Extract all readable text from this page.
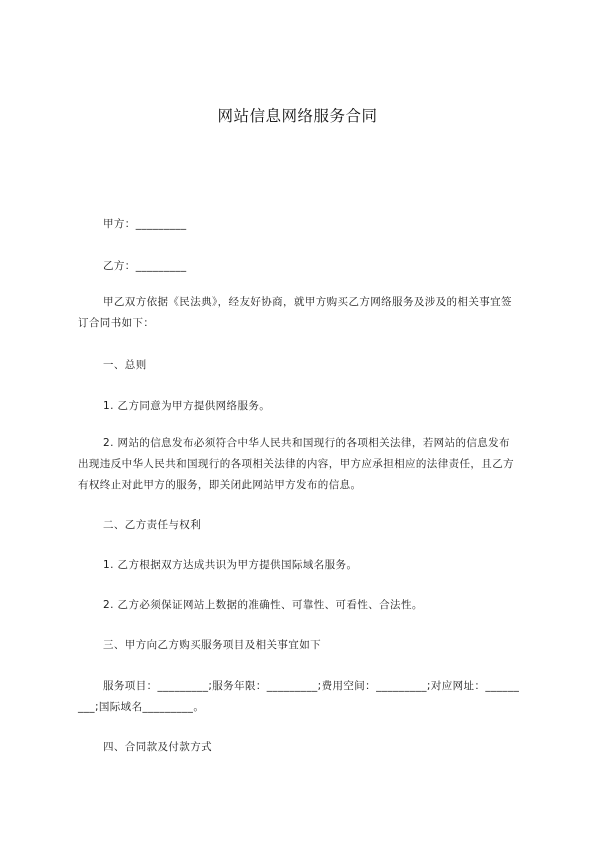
网站信息网络服务合同
甲方：_________
乙方：_________
甲乙双方依据《民法典》，经友好协商，就甲方购买乙方网络服务及涉及的相关事宜签订合同书如下：
一、总则
1. 乙方同意为甲方提供网络服务。
2. 网站的信息发布必须符合中华人民共和国现行的各项相关法律，若网站的信息发布出现违反中华人民共和国现行的各项相关法律的内容，甲方应承担相应的法律责任，且乙方有权终止对此甲方的服务，即关闭此网站甲方发布的信息。
二、乙方责任与权利
1. 乙方根据双方达成共识为甲方提供国际域名服务。
2. 乙方必须保证网站上数据的准确性、可靠性、可看性、合法性。
三、甲方向乙方购买服务项目及相关事宜如下
服务项目：_________;服务年限：_________;费用空间：_________;对应网址：_________;国际域名_________。
四、合同款及付款方式
